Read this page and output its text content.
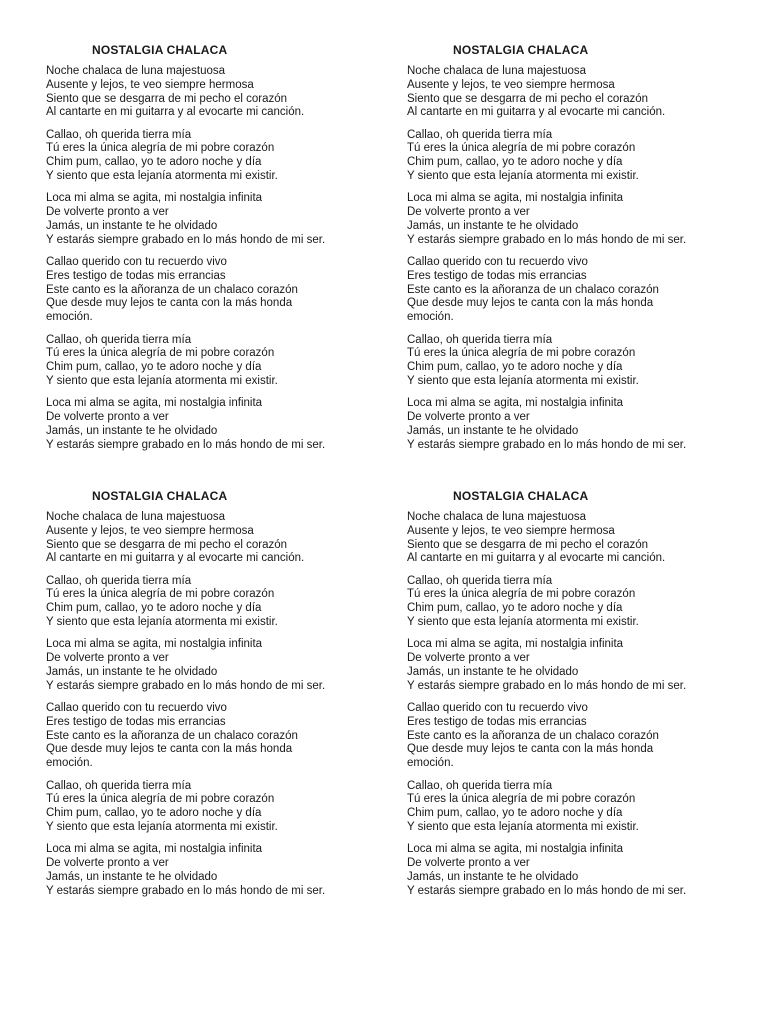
NOSTALGIA CHALACA
Noche chalaca de luna majestuosa
Ausente y lejos, te veo siempre hermosa
Siento que se desgarra de mi pecho el corazón
Al cantarte en mi guitarra y al evocarte mi canción.
Callao, oh querida tierra mía
Tú eres la única alegría de mi pobre corazón
Chim pum, callao, yo te adoro noche y día
Y siento que esta lejanía atormenta mi existir.
Loca mi alma se agita, mi nostalgia infinita
De volverte pronto a ver
Jamás, un instante te he olvidado
Y estarás siempre grabado en lo más hondo de mi ser.
Callao querido con tu recuerdo vivo
Eres testigo de todas mis errancias
Este canto es la añoranza de un chalaco corazón
Que desde muy lejos te canta con la más honda
emoción.
Callao, oh querida tierra mía
Tú eres la única alegría de mi pobre corazón
Chim pum, callao, yo te adoro noche y día
Y siento que esta lejanía atormenta mi existir.
Loca mi alma se agita, mi nostalgia infinita
De volverte pronto a ver
Jamás, un instante te he olvidado
Y estarás siempre grabado en lo más hondo de mi ser.
NOSTALGIA CHALACA
Noche chalaca de luna majestuosa
Ausente y lejos, te veo siempre hermosa
Siento que se desgarra de mi pecho el corazón
Al cantarte en mi guitarra y al evocarte mi canción.
Callao, oh querida tierra mía
Tú eres la única alegría de mi pobre corazón
Chim pum, callao, yo te adoro noche y día
Y siento que esta lejanía atormenta mi existir.
Loca mi alma se agita, mi nostalgia infinita
De volverte pronto a ver
Jamás, un instante te he olvidado
Y estarás siempre grabado en lo más hondo de mi ser.
Callao querido con tu recuerdo vivo
Eres testigo de todas mis errancias
Este canto es la añoranza de un chalaco corazón
Que desde muy lejos te canta con la más honda
emoción.
Callao, oh querida tierra mía
Tú eres la única alegría de mi pobre corazón
Chim pum, callao, yo te adoro noche y día
Y siento que esta lejanía atormenta mi existir.
Loca mi alma se agita, mi nostalgia infinita
De volverte pronto a ver
Jamás, un instante te he olvidado
Y estarás siempre grabado en lo más hondo de mi ser.
NOSTALGIA CHALACA
Noche chalaca de luna majestuosa
Ausente y lejos, te veo siempre hermosa
Siento que se desgarra de mi pecho el corazón
Al cantarte en mi guitarra y al evocarte mi canción.
Callao, oh querida tierra mía
Tú eres la única alegría de mi pobre corazón
Chim pum, callao, yo te adoro noche y día
Y siento que esta lejanía atormenta mi existir.
Loca mi alma se agita, mi nostalgia infinita
De volverte pronto a ver
Jamás, un instante te he olvidado
Y estarás siempre grabado en lo más hondo de mi ser.
Callao querido con tu recuerdo vivo
Eres testigo de todas mis errancias
Este canto es la añoranza de un chalaco corazón
Que desde muy lejos te canta con la más honda
emoción.
Callao, oh querida tierra mía
Tú eres la única alegría de mi pobre corazón
Chim pum, callao, yo te adoro noche y día
Y siento que esta lejanía atormenta mi existir.
Loca mi alma se agita, mi nostalgia infinita
De volverte pronto a ver
Jamás, un instante te he olvidado
Y estarás siempre grabado en lo más hondo de mi ser.
NOSTALGIA CHALACA
Noche chalaca de luna majestuosa
Ausente y lejos, te veo siempre hermosa
Siento que se desgarra de mi pecho el corazón
Al cantarte en mi guitarra y al evocarte mi canción.
Callao, oh querida tierra mía
Tú eres la única alegría de mi pobre corazón
Chim pum, callao, yo te adoro noche y día
Y siento que esta lejanía atormenta mi existir.
Loca mi alma se agita, mi nostalgia infinita
De volverte pronto a ver
Jamás, un instante te he olvidado
Y estarás siempre grabado en lo más hondo de mi ser.
Callao querido con tu recuerdo vivo
Eres testigo de todas mis errancias
Este canto es la añoranza de un chalaco corazón
Que desde muy lejos te canta con la más honda
emoción.
Callao, oh querida tierra mía
Tú eres la única alegría de mi pobre corazón
Chim pum, callao, yo te adoro noche y día
Y siento que esta lejanía atormenta mi existir.
Loca mi alma se agita, mi nostalgia infinita
De volverte pronto a ver
Jamás, un instante te he olvidado
Y estarás siempre grabado en lo más hondo de mi ser.
